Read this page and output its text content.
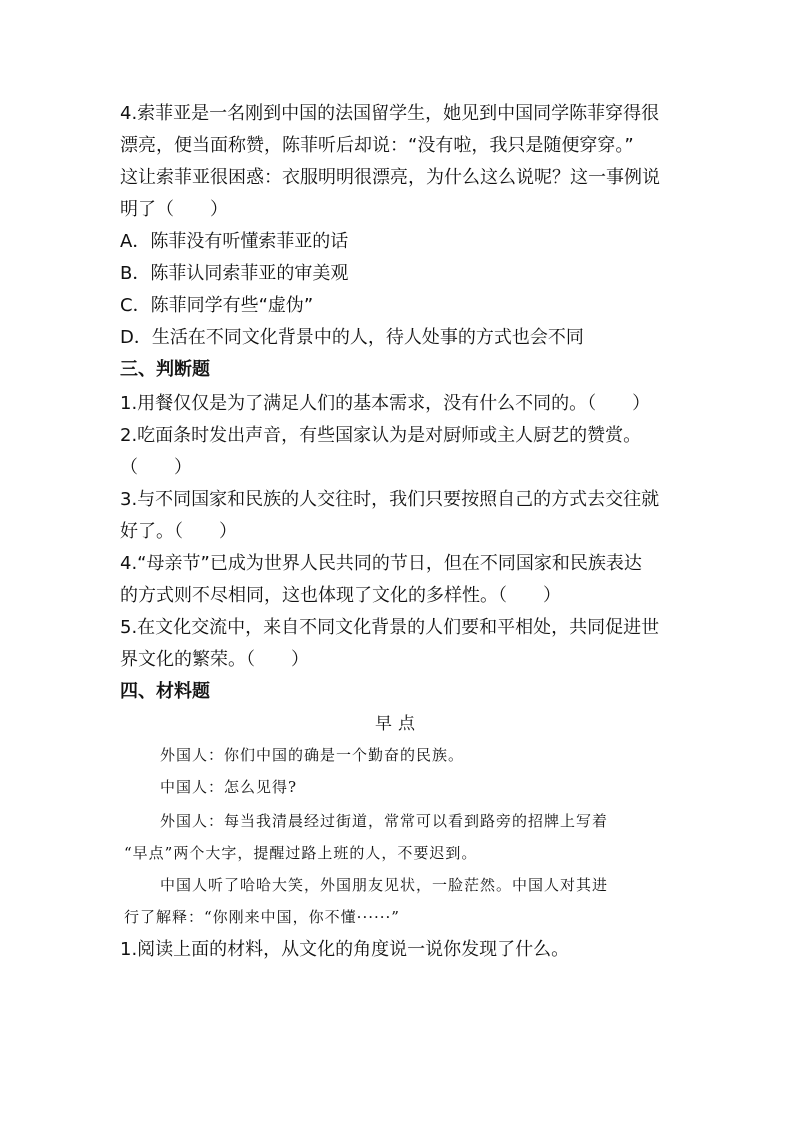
4.索菲亚是一名刚到中国的法国留学生，她见到中国同学陈菲穿得很
漂亮，便当面称赞，陈菲听后却说：“没有啦，我只是随便穿穿。”
这让索菲亚很困惑：衣服明明很漂亮，为什么这么说呢？这一事例说
明了（　　）
A．陈菲没有听懂索菲亚的话
B．陈菲认同索菲亚的审美观
C．陈菲同学有些“虚伪”
D．生活在不同文化背景中的人，待人处事的方式也会不同
三、判断题
1.用餐仅仅是为了满足人们的基本需求，没有什么不同的。（　　）
2.吃面条时发出声音，有些国家认为是对厨师或主人厨艺的赞赏。
（　　）
3.与不同国家和民族的人交往时，我们只要按照自己的方式去交往就
好了。（　　）
4.“母亲节”已成为世界人民共同的节日，但在不同国家和民族表达
的方式则不尽相同，这也体现了文化的多样性。（　　）
5.在文化交流中，来自不同文化背景的人们要和平相处，共同促进世
界文化的繁荣。（　　）
四、材料题
早点
外国人：你们中国的确是一个勤奋的民族。
中国人：怎么见得?
外国人：每当我清晨经过街道，常常可以看到路旁的招牌上写着
“早点”两个大字，提醒过路上班的人，不要迟到。
中国人听了哈哈大笑，外国朋友见状，一脸茫然。中国人对其进
行了解释：“你刚来中国，你不懂······”
1.阅读上面的材料，从文化的角度说一说你发现了什么。
